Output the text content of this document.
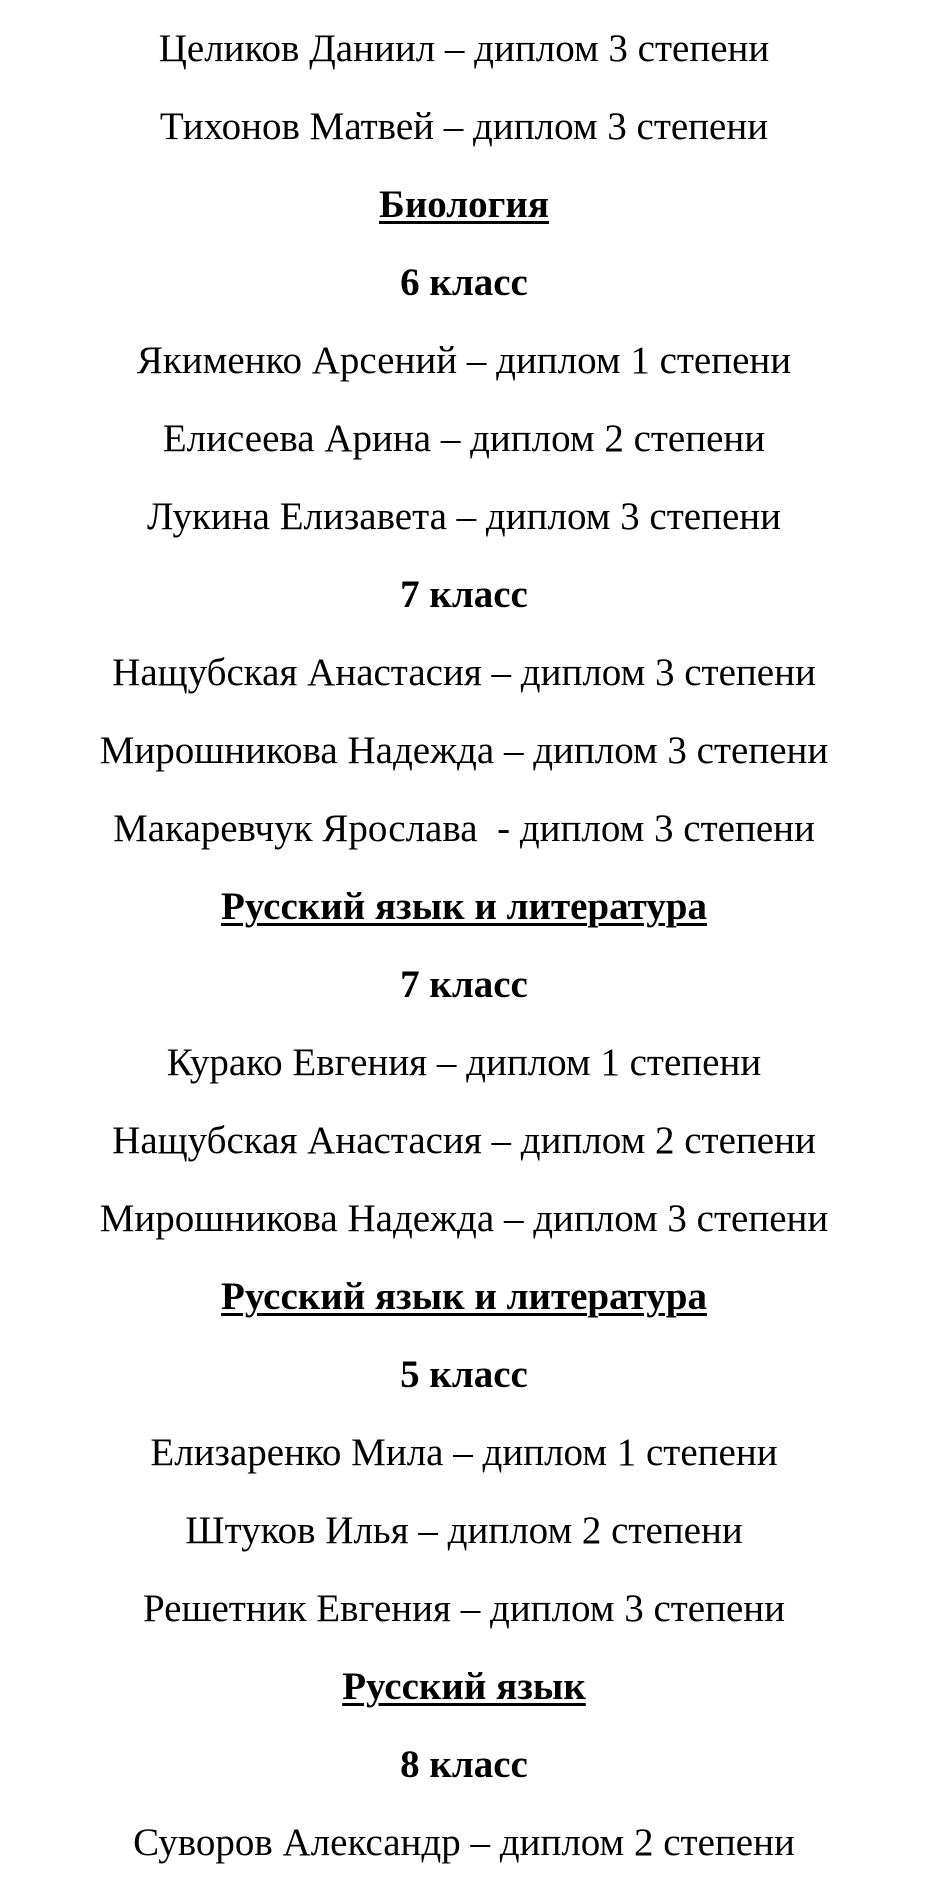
Целиков Даниил – диплом 3 степени
Тихонов Матвей – диплом 3 степени
Биология
6 класс
Якименко Арсений – диплом 1 степени
Елисеева Арина – диплом 2 степени
Лукина Елизавета – диплом 3 степени
7 класс
Нащубская Анастасия – диплом 3 степени
Мирошникова Надежда – диплом 3 степени
Макаревчук Ярослава  - диплом 3 степени
Русский язык и литература
7 класс
Курако Евгения – диплом 1 степени
Нащубская Анастасия – диплом 2 степени
Мирошникова Надежда – диплом 3 степени
Русский язык и литература
5 класс
Елизаренко Мила – диплом 1 степени
Штуков Илья – диплом 2 степени
Решетник Евгения – диплом 3 степени
Русский язык
8 класс
Суворов Александр – диплом 2 степени
